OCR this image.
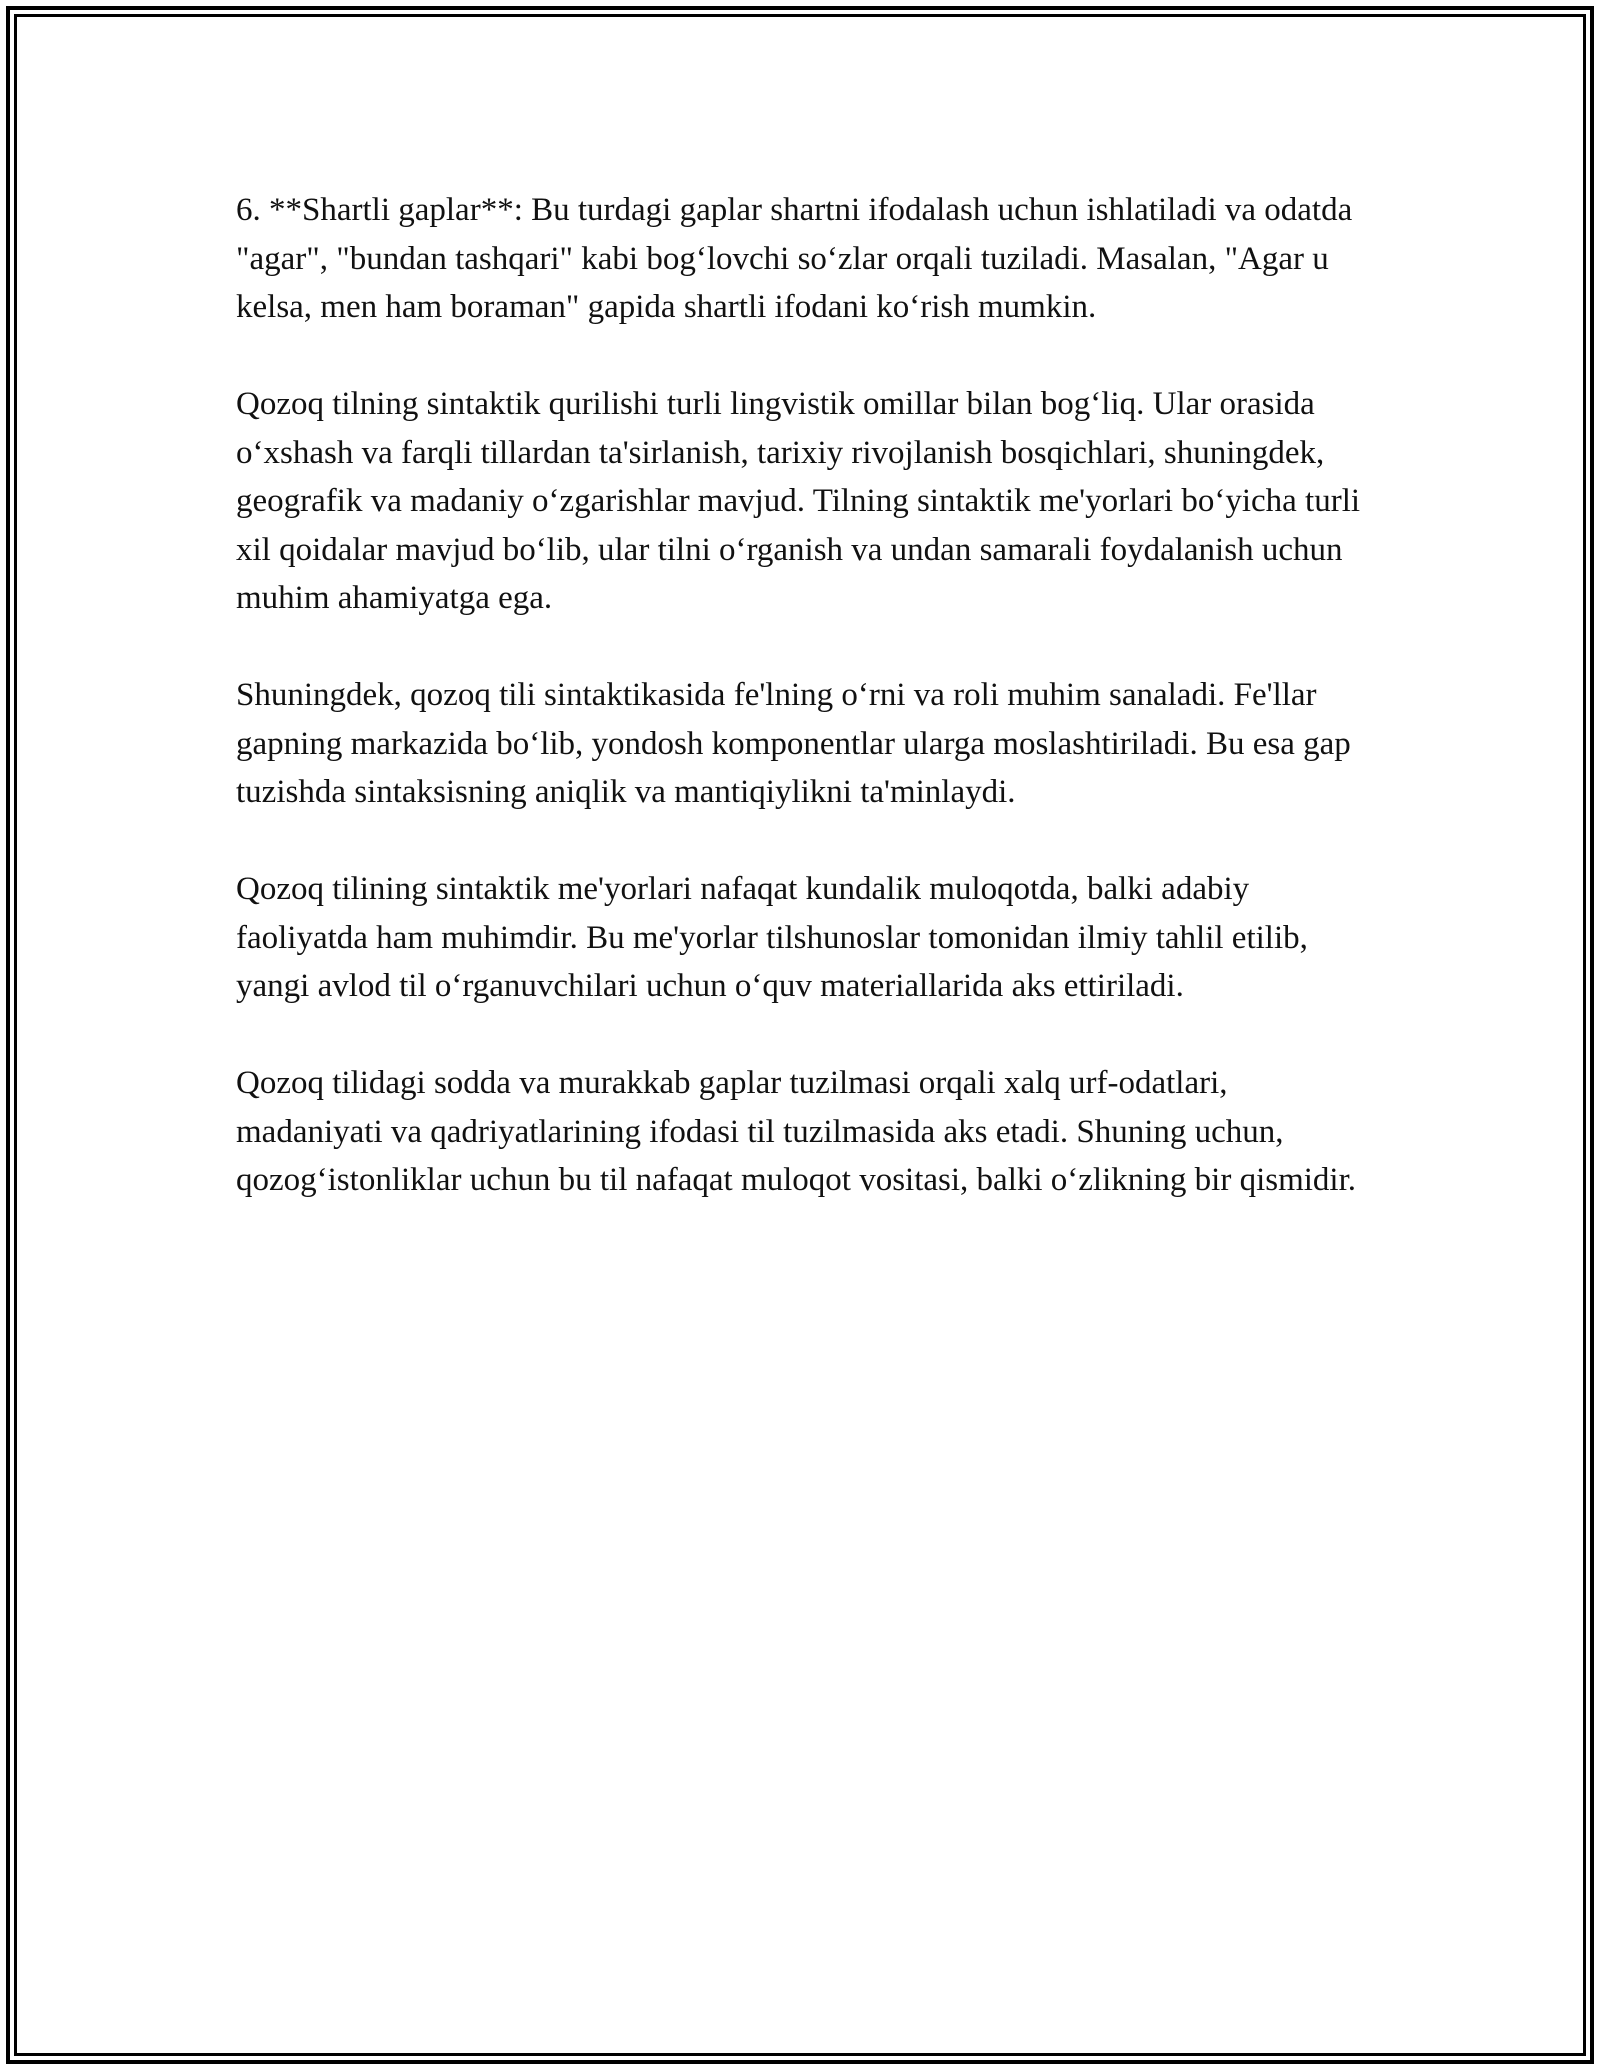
6. **Shartli gaplar**: Bu turdagi gaplar shartni ifodalash uchun ishlatiladi va odatda "agar", "bundan tashqari" kabi bog‘lovchi so‘zlar orqali tuziladi. Masalan, "Agar u kelsa, men ham boraman" gapida shartli ifodani ko‘rish mumkin.

Qozoq tilning sintaktik qurilishi turli lingvistik omillar bilan bog‘liq. Ular orasida o‘xshash va farqli tillardan ta'sirlanish, tarixiy rivojlanish bosqichlari, shuningdek, geografik va madaniy o‘zgarishlar mavjud. Tilning sintaktik me'yorlari bo‘yicha turli xil qoidalar mavjud bo‘lib, ular tilni o‘rganish va undan samarali foydalanish uchun muhim ahamiyatga ega.

Shuningdek, qozoq tili sintaktikasida fe'lning o‘rni va roli muhim sanaladi. Fe'llar gapning markazida bo‘lib, yondosh komponentlar ularga moslashtiriladi. Bu esa gap tuzishda sintaksisning aniqlik va mantiqiylikni ta'minlaydi.

Qozoq tilining sintaktik me'yorlari nafaqat kundalik muloqotda, balki adabiy faoliyatda ham muhimdir. Bu me'yorlar tilshunoslar tomonidan ilmiy tahlil etilib, yangi avlod til o‘rganuvchilari uchun o‘quv materiallarida aks ettiriladi.

Qozoq tilidagi sodda va murakkab gaplar tuzilmasi orqali xalq urf-odatlari, madaniyati va qadriyatlarining ifodasi til tuzilmasida aks etadi. Shuning uchun, qozog‘istonliklar uchun bu til nafaqat muloqot vositasi, balki o‘zlikning bir qismidir.
